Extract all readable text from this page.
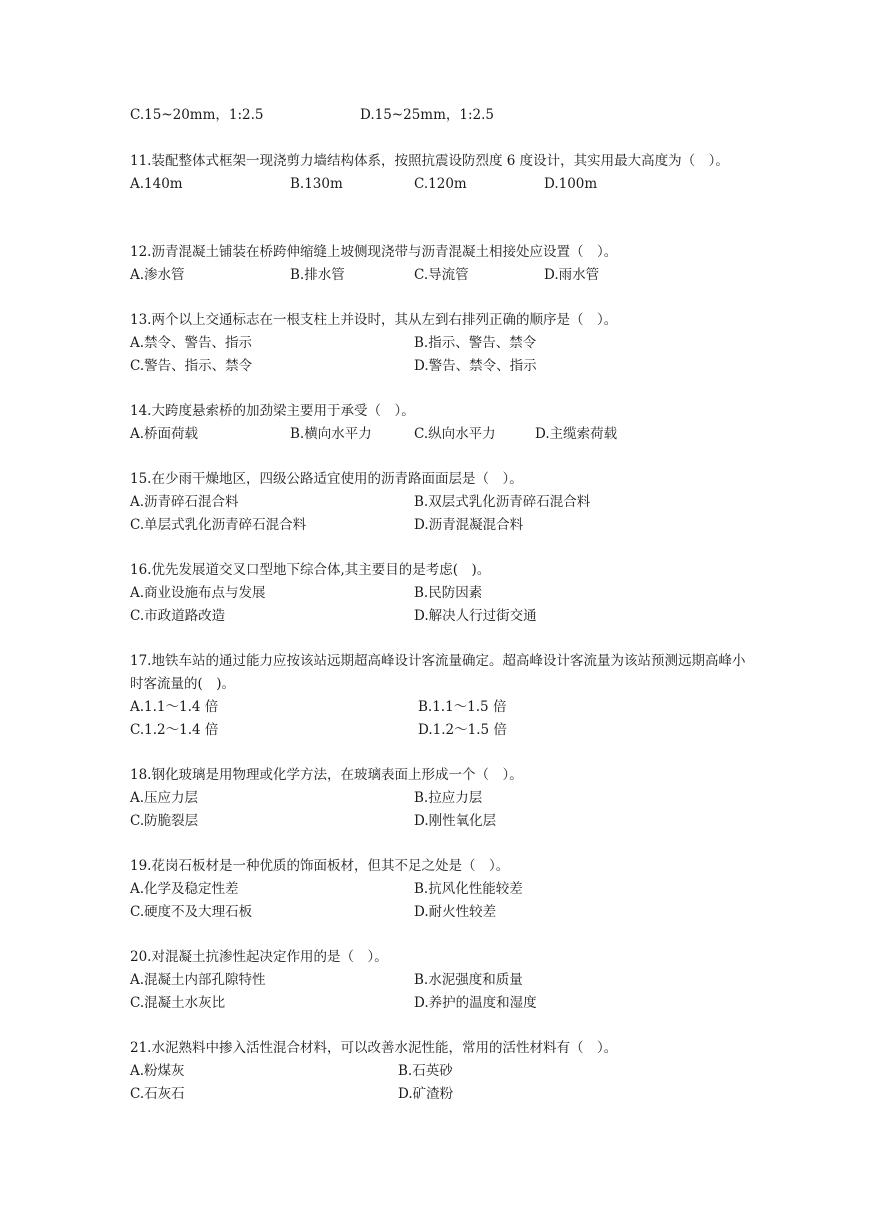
C.15~20mm，1:2.5	D.15~25mm，1:2.5
11.装配整体式框架一现浇剪力墙结构体系，按照抗震设防烈度 6 度设计，其实用最大高度为（　）。
A.140m	B.130m	C.120m	D.100m
12.沥青混凝土铺装在桥跨伸缩缝上坡侧现浇带与沥青混凝土相接处应设置（　）。
A.渗水管	B.排水管	C.导流管	D.雨水管
13.两个以上交通标志在一根支柱上并设时，其从左到右排列正确的顺序是（　）。
A.禁令、警告、指示	B.指示、警告、禁令
C.警告、指示、禁令	D.警告、禁令、指示
14.大跨度悬索桥的加劲梁主要用于承受（　）。
A.桥面荷载	B.横向水平力	C.纵向水平力	D.主缆索荷载
15.在少雨干燥地区，四级公路适宜使用的沥青路面面层是（　）。
A.沥青碎石混合料	B.双层式乳化沥青碎石混合料
C.单层式乳化沥青碎石混合料	D.沥青混凝混合料
16.优先发展道交叉口型地下综合体,其主要目的是考虑(　)。
A.商业设施布点与发展	B.民防因素
C.市政道路改造	D.解决人行过街交通
17.地铁车站的通过能力应按该站远期超高峰设计客流量确定。超高峰设计客流量为该站预测远期高峰小时客流量的(　)。
A.1.1～1.4 倍	B.1.1～1.5 倍
C.1.2～1.4 倍	D.1.2～1.5 倍
18.钢化玻璃是用物理或化学方法，在玻璃表面上形成一个（　）。
A.压应力层	B.拉应力层
C.防脆裂层	D.刚性氧化层
19.花岗石板材是一种优质的饰面板材，但其不足之处是（　）。
A.化学及稳定性差	B.抗风化性能较差
C.硬度不及大理石板	D.耐火性较差
20.对混凝土抗渗性起决定作用的是（　）。
A.混凝土内部孔隙特性	B.水泥强度和质量
C.混凝土水灰比	D.养护的温度和湿度
21.水泥熟料中掺入活性混合材料，可以改善水泥性能，常用的活性材料有（　）。
A.粉煤灰	B.石英砂
C.石灰石	D.矿渣粉
